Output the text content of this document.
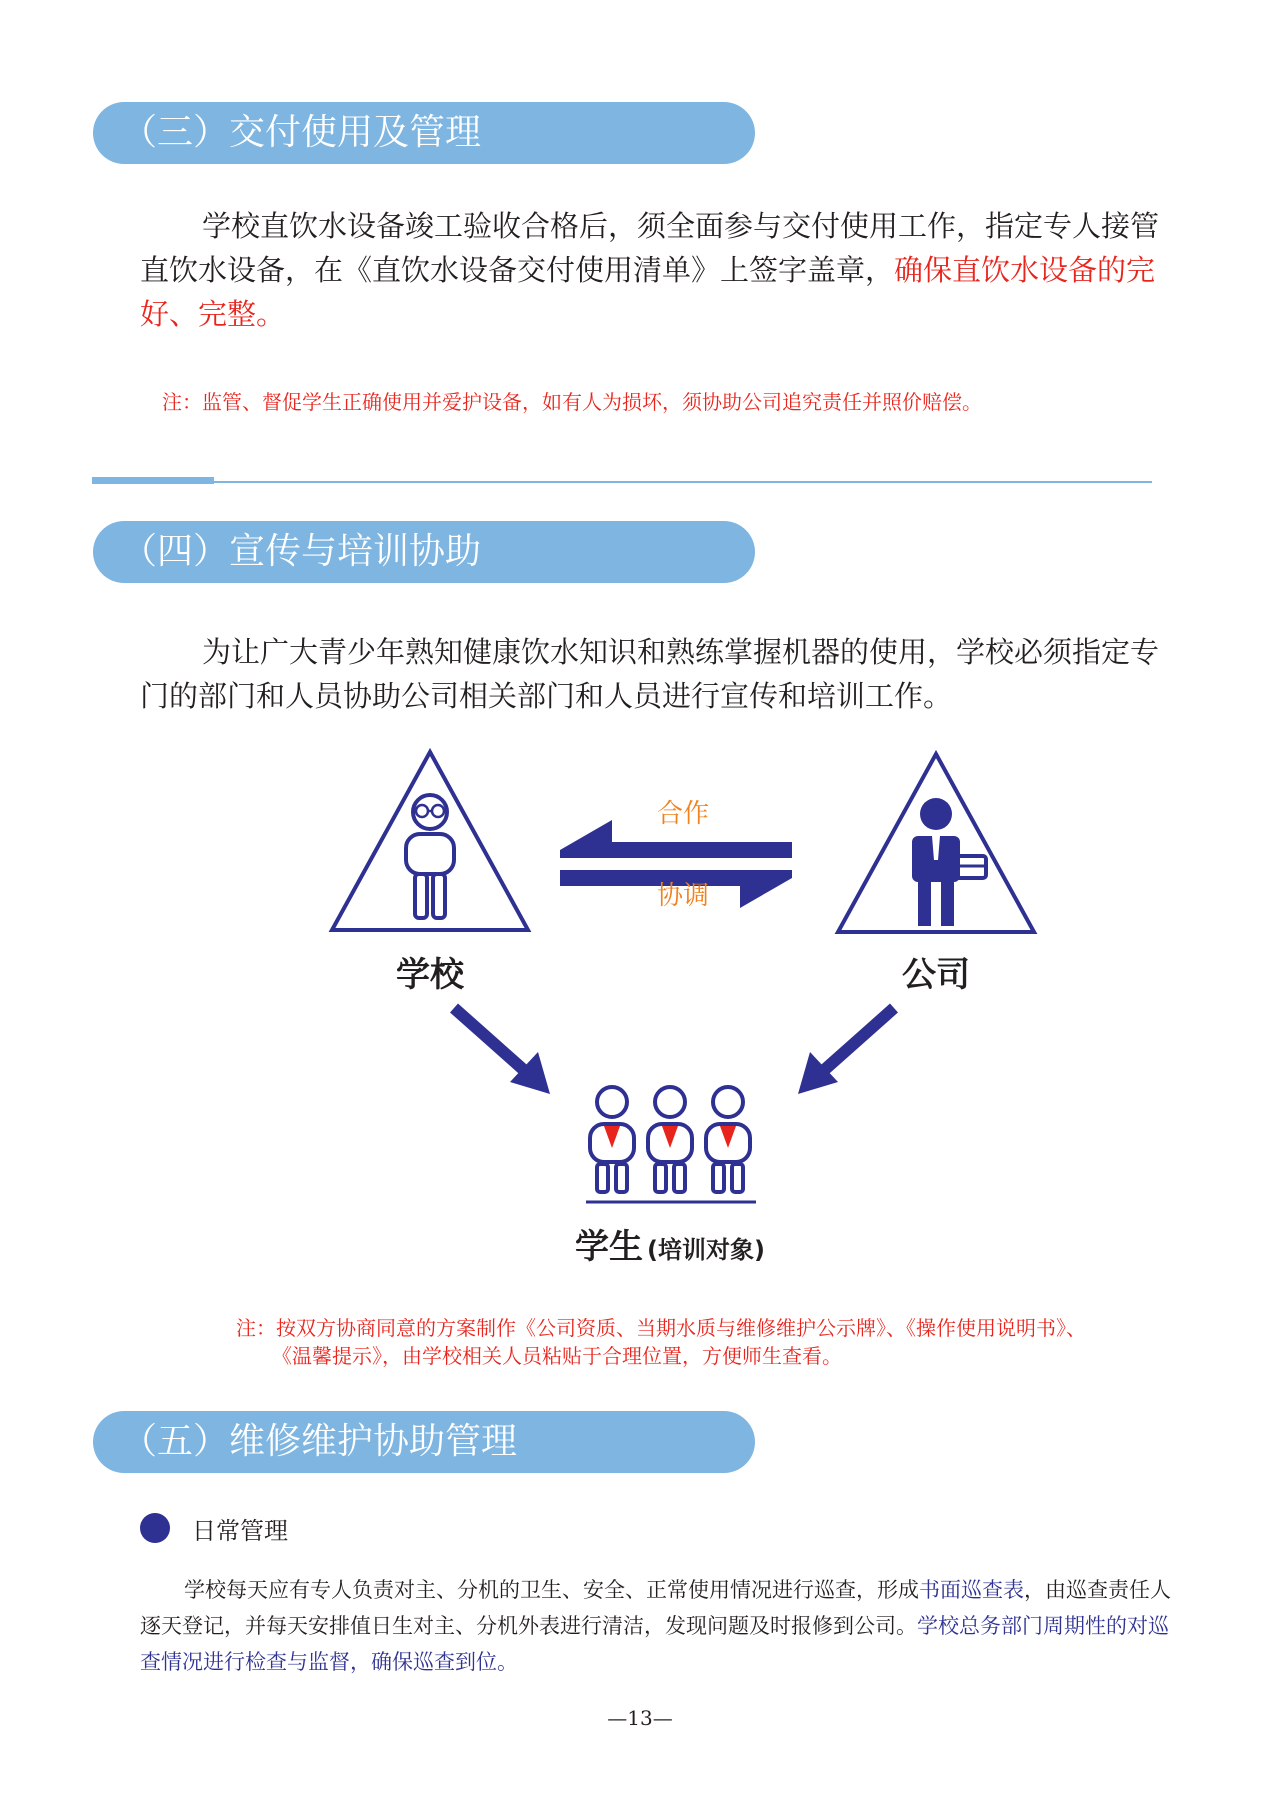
（三）交付使用及管理

学校直饮水设备竣工验收合格后，须全面参与交付使用工作，指定专人接管直饮水设备，在《直饮水设备交付使用清单》上签字盖章，确保直饮水设备的完好、完整。

注：监管、督促学生正确使用并爱护设备，如有人为损坏，须协助公司追究责任并照价赔偿。

（四）宣传与培训协助

为让广大青少年熟知健康饮水知识和熟练掌握机器的使用，学校必须指定专门的部门和人员协助公司相关部门和人员进行宣传和培训工作。

学校	公司
合作
协调
学生 (培训对象)

注：按双方协商同意的方案制作《公司资质、当期水质与维修维护公示牌》、《操作使用说明书》、

《温馨提示》，由学校相关人员粘贴于合理位置，方便师生查看。

（五）维修维护协助管理
日常管理

学校每天应有专人负责对主、分机的卫生、安全、正常使用情况进行巡查，形成书面巡查表，由巡查责任人逐天登记，并每天安排值日生对主、分机外表进行清洁，发现问题及时报修到公司。学校总务部门周期性的对巡查情况进行检查与监督，确保巡查到位。

—13—
